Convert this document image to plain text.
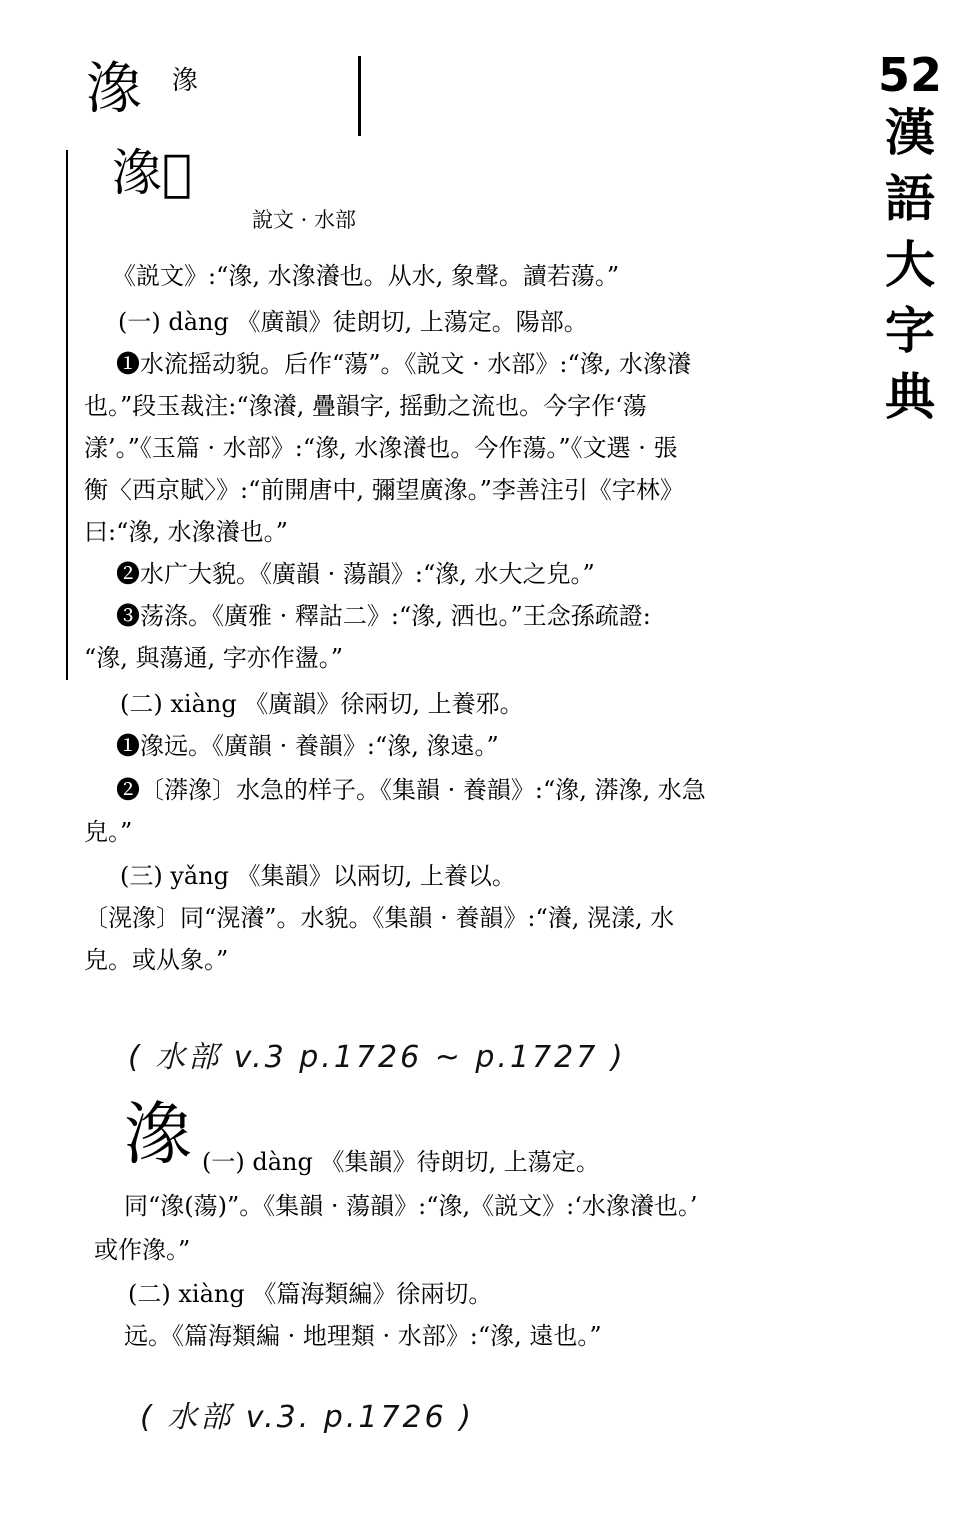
52
漢
語
大
字
典
潒 潒
潒𣴑
說文 · 水部
《説文》:“潒, 水潒瀁也。从水, 象聲。讀若蕩。”
(一) dàng 《廣韻》徒朗切, 上蕩定。陽部。
❶水流摇动貌。后作“蕩”。《説文 · 水部》:“潒, 水潒瀁
也。”段玉裁注:“潒瀁, 疊韻字, 摇動之流也。今字作‘蕩
漾’。”《玉篇 · 水部》:“潒, 水潒瀁也。今作蕩。”《文選 · 張
衡〈西京賦〉》:“前開唐中, 彌望廣潒。”李善注引《字林》
曰:“潒, 水潒瀁也。”
❷水广大貌。《廣韻 · 蕩韻》:“潒, 水大之皃。”
❸荡涤。《廣雅 · 釋詁二》:“潒, 洒也。”王念孫疏證:
“潒, 與蕩通, 字亦作盪。”
(二) xiàng 《廣韻》徐兩切, 上養邪。
❶潒远。《廣韻 · 養韻》:“潒, 潒遠。”
❷〔漭潒〕水急的样子。《集韻 · 養韻》:“潒, 漭潒, 水急
皃。”
(三) yǎng 《集韻》以兩切, 上養以。
〔滉潒〕同“滉瀁”。水貌。《集韻 · 養韻》:“瀁, 滉漾, 水
皃。或从象。”
( 水部 v.3 p.1726 ~ p.1727 )
潒 (一) dàng 《集韻》待朗切, 上蕩定。
同“潒(蕩)”。《集韻 · 蕩韻》:“潒,《説文》:‘水潒瀁也。’
或作潒。”
(二) xiàng 《篇海類編》徐兩切。
远。《篇海類編 · 地理類 · 水部》:“潒, 遠也。”
( 水部 v.3. p.1726 )
